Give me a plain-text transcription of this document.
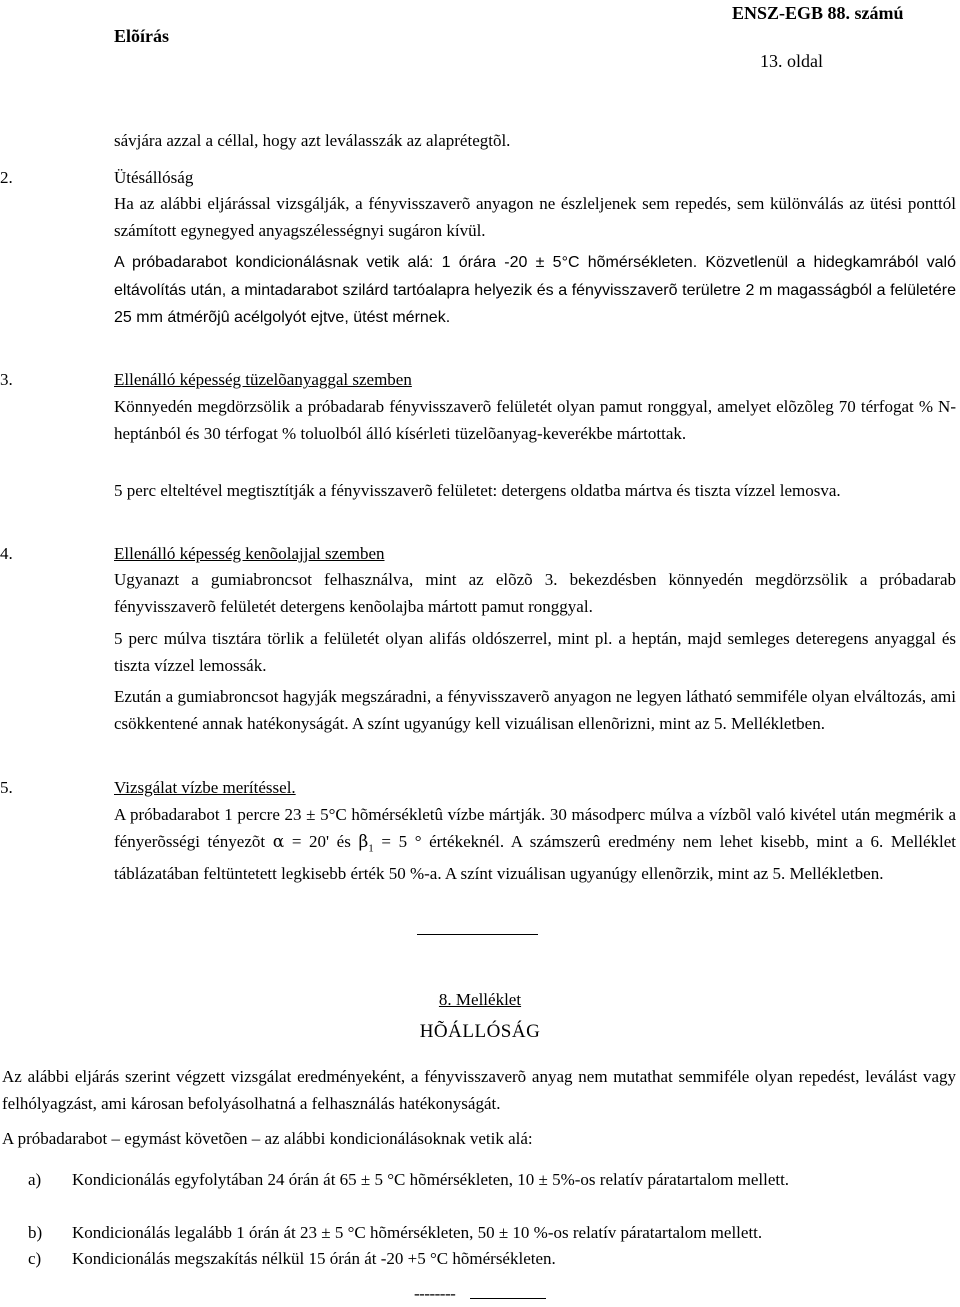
Elõírás
ENSZ-EGB 88. számú
13. oldal
sávjára azzal a céllal, hogy azt leválasszák az alaprétegtõl.
2.	Ütésállóság
Ha az alábbi eljárással vizsgálják, a fényvisszaverõ anyagon ne észleljenek sem repedés, sem különválás az ütési ponttól számított egynegyed anyagszélességnyi sugáron kívül.
A próbadarabot kondicionálásnak vetik alá: 1 órára -20 ± 5°C hõmérsékleten. Közvetlenül a hidegkamrából való eltávolítás után, a mintadarabot szilárd tartóalapra helyezik és a fényvisszaverõ területre 2 m magasságból a felületére 25 mm átmérõjû acélgolyót ejtve, ütést mérnek.
3.	Ellenálló képesség tüzelõanyaggal szemben
Könnyedén megdörzsölik a próbadarab fényvisszaverõ felületét olyan pamut ronggyal, amelyet elõzõleg 70 térfogat % N-heptánból és 30 térfogat % toluolból álló kísérleti tüzelõanyag-keverékbe mártottak.
5 perc elteltével megtisztítják a fényvisszaverõ felületet: detergens oldatba mártva és tiszta vízzel lemosva.
4.	Ellenálló képesség kenõolajjal szemben
Ugyanazt a gumiabroncsot felhasználva, mint az elõzõ 3. bekezdésben könnyedén megdörzsölik a próbadarab fényvisszaverõ felületét detergens kenõolajba mártott pamut ronggyal.
5 perc múlva tisztára törlik a felületét olyan alifás oldószerrel, mint pl. a heptán, majd semleges deteregens anyaggal és tiszta vízzel lemossák.
Ezután a gumiabroncsot hagyják megszáradni, a fényvisszaverõ anyagon ne legyen látható semmiféle olyan elváltozás, ami csökkentené annak hatékonyságát. A színt ugyanúgy kell vizuálisan ellenõrizni, mint az 5. Mellékletben.
5.	Vizsgálat vízbe merítéssel.
A próbadarabot 1 percre 23 ± 5°C hõmérsékletû vízbe mártják. 30 másodperc múlva a vízbõl való kivétel után megmérik a fényerõsségi tényezõt α = 20' és $\beta_1 = 5$ ° értékeknél. A számszerû eredmény nem lehet kisebb, mint a 6. Melléklet táblázatában feltüntetett legkisebb érték 50 %-a. A színt vizuálisan ugyanúgy ellenõrzik, mint az 5. Mellékletben.
8. Melléklet
HÕÁLLÓSÁG
Az alábbi eljárás szerint végzett vizsgálat eredményeként, a fényvisszaverõ anyag nem mutathat semmiféle olyan repedést, leválást vagy felhólyagzást, ami károsan befolyásolhatná a felhasználás hatékonyságát.
A próbadarabot – egymást követõen – az alábbi kondicionálásoknak vetik alá:
a) Kondicionálás egyfolytában 24 órán át 65 ± 5 °C hõmérsékleten, 10 ± 5%-os relatív páratartalom mellett.
b) Kondicionálás legalább 1 órán át 23 ± 5 °C hõmérsékleten, 50 ± 10 %-os relatív páratartalom mellett.
c) Kondicionálás megszakítás nélkül 15 órán át -20 +5 °C hõmérsékleten.
--------
